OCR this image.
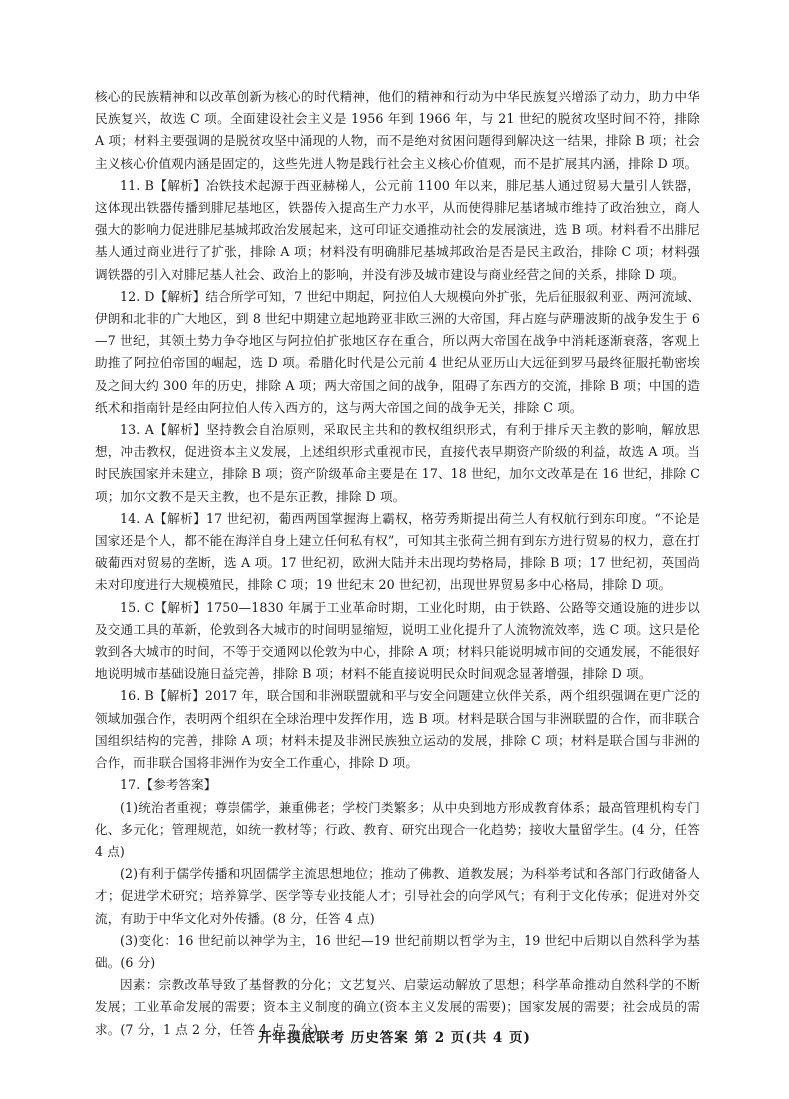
核心的民族精神和以改革创新为核心的时代精神，他们的精神和行动为中华民族复兴增添了动力，助力中华民族复兴，故选 C 项。全面建设社会主义是 1956 年到 1966 年，与 21 世纪的脱贫攻坚时间不符，排除 A 项；材料主要强调的是脱贫攻坚中涌现的人物，而不是绝对贫困问题得到解决这一结果，排除 B 项；社会主义核心价值观内涵是固定的，这些先进人物是践行社会主义核心价值观，而不是扩展其内涵，排除 D 项。

11. B【解析】冶铁技术起源于西亚赫梯人，公元前 1100 年以来，腓尼基人通过贸易大量引人铁器，这体现出铁器传播到腓尼基地区，铁器传入提高生产力水平，从而使得腓尼基诸城市维持了政治独立，商人强大的影响力促进腓尼基城邦政治发展起来，这可印证交通推动社会的发展演进，选 B 项。材料看不出腓尼基人通过商业进行了扩张，排除 A 项；材料没有明确腓尼基城邦政治是否是民主政治，排除 C 项；材料强调铁器的引入对腓尼基人社会、政治上的影响，并没有涉及城市建设与商业经营之间的关系，排除 D 项。

12. D【解析】结合所学可知，7 世纪中期起，阿拉伯人大规模向外扩张，先后征服叙利亚、两河流域、伊朗和北非的广大地区，到 8 世纪中期建立起地跨亚非欧三洲的大帝国，拜占庭与萨珊波斯的战争发生于 6—7 世纪，其领土势力争夺地区与阿拉伯扩张地区存在重合，所以两大帝国在战争中消耗逐渐衰落，客观上助推了阿拉伯帝国的崛起，选 D 项。希腊化时代是公元前 4 世纪从亚历山大远征到罗马最终征服托勒密埃及之间大约 300 年的历史，排除 A 项；两大帝国之间的战争，阻碍了东西方的交流，排除 B 项；中国的造纸术和指南针是经由阿拉伯人传入西方的，这与两大帝国之间的战争无关，排除 C 项。

13. A【解析】坚持教会自治原则，采取民主共和的教权组织形式，有利于排斥天主教的影响，解放思想，冲击教权，促进资本主义发展，上述组织形式重视市民，直接代表早期资产阶级的利益，故选 A 项。当时民族国家并未建立，排除 B 项；资产阶级革命主要是在 17、18 世纪，加尔文改革是在 16 世纪，排除 C 项；加尔文教不是天主教，也不是东正教，排除 D 项。

14. A【解析】17 世纪初，葡西两国掌握海上霸权，格劳秀斯提出荷兰人有权航行到东印度。“不论是国家还是个人，都不能在海洋自身上建立任何私有权”，可知其主张荷兰拥有到东方进行贸易的权力，意在打破葡西对贸易的垄断，选 A 项。17 世纪初，欧洲大陆并未出现均势格局，排除 B 项；17 世纪初，英国尚未对印度进行大规模殖民，排除 C 项；19 世纪末 20 世纪初，出现世界贸易多中心格局，排除 D 项。

15. C【解析】1750—1830 年属于工业革命时期，工业化时期，由于铁路、公路等交通设施的进步以及交通工具的革新，伦敦到各大城市的时间明显缩短，说明工业化提升了人流物流效率，选 C 项。这只是伦敦到各大城市的时间，不等于交通网以伦敦为中心，排除 A 项；材料只能说明城市间的交通发展，不能很好地说明城市基础设施日益完善，排除 B 项；材料不能直接说明民众时间观念显著增强，排除 D 项。

16. B【解析】2017 年，联合国和非洲联盟就和平与安全问题建立伙伴关系，两个组织强调在更广泛的领域加强合作，表明两个组织在全球治理中发挥作用，选 B 项。材料是联合国与非洲联盟的合作，而非联合国组织结构的完善，排除 A 项；材料未提及非洲民族独立运动的发展，排除 C 项；材料是联合国与非洲的合作，而非联合国将非洲作为安全工作重心，排除 D 项。

17.【参考答案】

(1)统治者重视；尊崇儒学，兼重佛老；学校门类繁多；从中央到地方形成教育体系；最高管理机构专门化、多元化；管理规范，如统一教材等；行政、教育、研究出现合一化趋势；接收大量留学生。(4 分，任答 4 点)

(2)有利于儒学传播和巩固儒学主流思想地位；推动了佛教、道教发展；为科举考试和各部门行政储备人才；促进学术研究；培养算学、医学等专业技能人才；引导社会的向学风气；有利于文化传承；促进对外交流，有助于中华文化对外传播。(8 分，任答 4 点)

(3)变化：16 世纪前以神学为主，16 世纪—19 世纪前期以哲学为主，19 世纪中后期以自然科学为基础。(6 分)

因素：宗教改革导致了基督教的分化；文艺复兴、启蒙运动解放了思想；科学革命推动自然科学的不断发展；工业革命发展的需要；资本主义制度的确立(资本主义发展的需要)；国家发展的需要；社会成员的需求。(7 分，1 点 2 分，任答 4 点 7 分)

开年摸底联考 历史答案 第 2 页(共 4 页)
